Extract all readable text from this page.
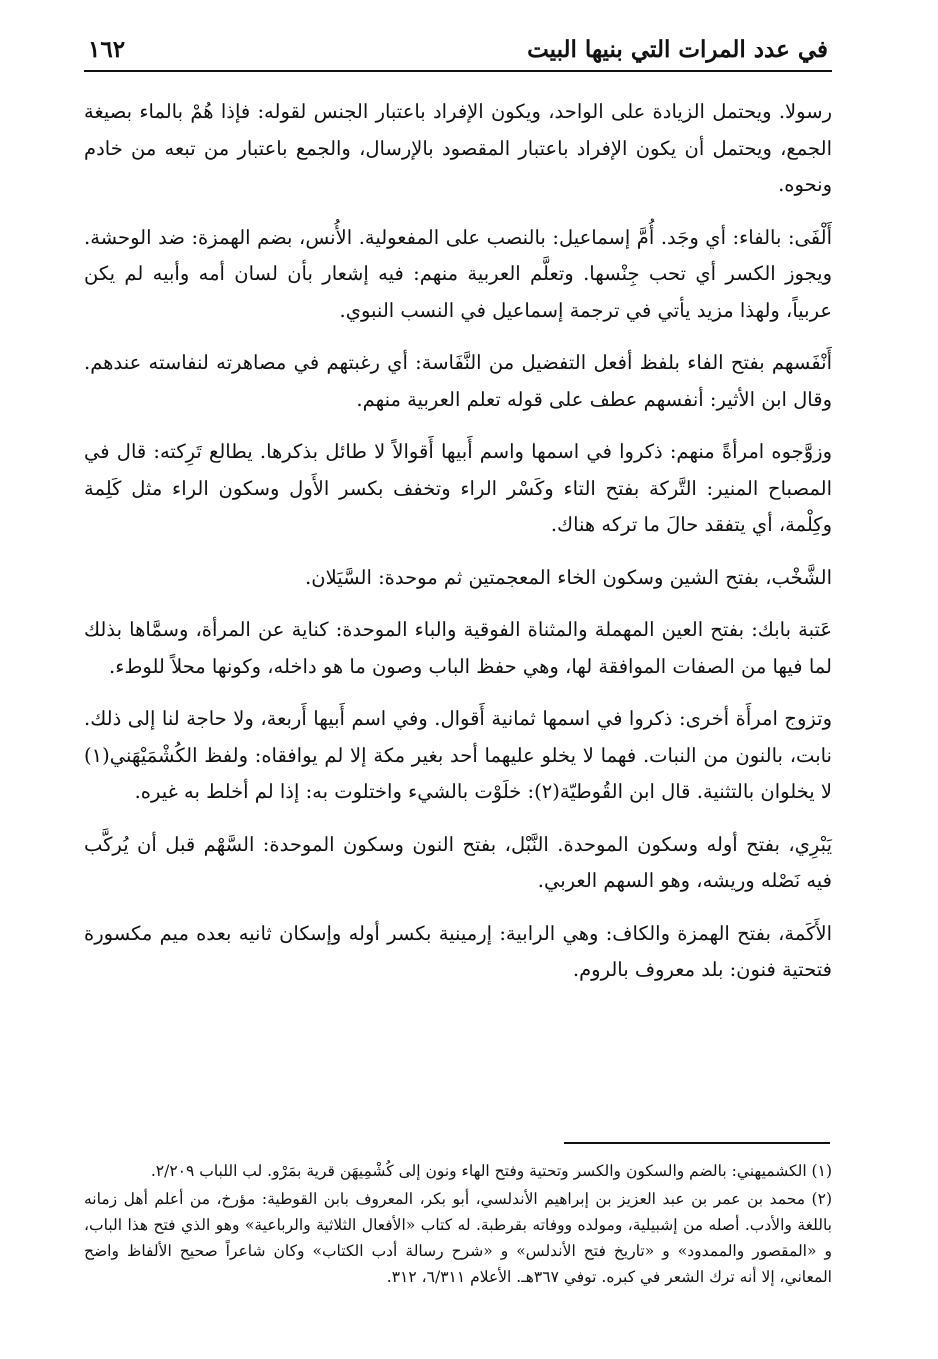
في عدد المرات التي بنيها البيت
١٦٢

رسولا. ويحتمل الزيادة على الواحد، ويكون الإفراد باعتبار الجنس لقوله: فإذا هُمْ بالماء بصيغة الجمع، ويحتمل أن يكون الإفراد باعتبار المقصود بالإرسال، والجمع باعتبار من تبعه من خادم ونحوه.

أَلْفَى: بالفاء: أي وجَد. أُمَّ إسماعيل: بالنصب على المفعولية. الأُنس، بضم الهمزة: ضد الوحشة. ويجوز الكسر أي تحب جِنْسها. وتعلَّم العربية منهم: فيه إشعار بأن لسان أمه وأبيه لم يكن عربياً، ولهذا مزيد يأتي في ترجمة إسماعيل في النسب النبوي.

أَنْفَسهم بفتح الفاء بلفظ أفعل التفضيل من النَّفَاسة: أي رغبتهم في مصاهرته لنفاسته عندهم. وقال ابن الأثير: أنفسهم عطف على قوله تعلم العربية منهم.

وزوَّجوه امرأةً منهم: ذكروا في اسمها واسم أَبيها أَقوالاً لا طائل بذكرها. يطالع تَرِكته: قال في المصباح المنير: التَّركة بفتح التاء وكَسْر الراء وتخفف بكسر الأَول وسكون الراء مثل كَلِمة وكِلْمة، أي يتفقد حالَ ما تركه هناك.

الشَّخْب، بفتح الشين وسكون الخاء المعجمتين ثم موحدة: السَّيَلان.

عَتبة بابك: بفتح العين المهملة والمثناة الفوقية والباء الموحدة: كناية عن المرأة، وسمَّاها بذلك لما فيها من الصفات الموافقة لها، وهي حفظ الباب وصون ما هو داخله، وكونها محلاً للوطء.

وتزوج امرأَة أخرى: ذكروا في اسمها ثمانية أَقوال. وفي اسم أَبيها أَربعة، ولا حاجة لنا إلى ذلك. نابت، بالنون من النبات. فهما لا يخلو عليهما أحد بغير مكة إلا لم يوافقاه: ولفظ الكُشْمَيْهَني(١) لا يخلوان بالتثنية. قال ابن القُوطيّة(٢): خلَوْت بالشيء واختلوت به: إذا لم أخلط به غيره.

يَبْرِي، بفتح أوله وسكون الموحدة. النَّبْل، بفتح النون وسكون الموحدة: السَّهْم قبل أن يُركَّب فيه نَصْله وريشه، وهو السهم العربي.

الأَكَمة، بفتح الهمزة والكاف: وهي الرابية: إرمينية بكسر أوله وإسكان ثانيه بعده ميم مكسورة فتحتية فنون: بلد معروف بالروم.

(١) الكشميهني: بالضم والسكون والكسر وتحتية وفتح الهاء ونون إلى كُشْمِيهَن قرية بمَرْو. لب اللباب ٢/٢٠٩.

(٢) محمد بن عمر بن عبد العزيز بن إبراهيم الأندلسي، أبو بكر، المعروف بابن القوطية: مؤرخ، من أعلم أهل زمانه باللغة والأدب. أصله من إشبيلية، ومولده ووفاته بقرطبة. له كتاب «الأفعال الثلاثية والرباعية» وهو الذي فتح هذا الباب، و «المقصور والممدود» و «تاريخ فتح الأندلس» و «شرح رسالة أدب الكتاب» وكان شاعراً صحيح الألفاظ واضح المعاني، إلا أنه ترك الشعر في كبره. توفي ٣٦٧هـ. الأعلام ٦/٣١١، ٣١٢.
